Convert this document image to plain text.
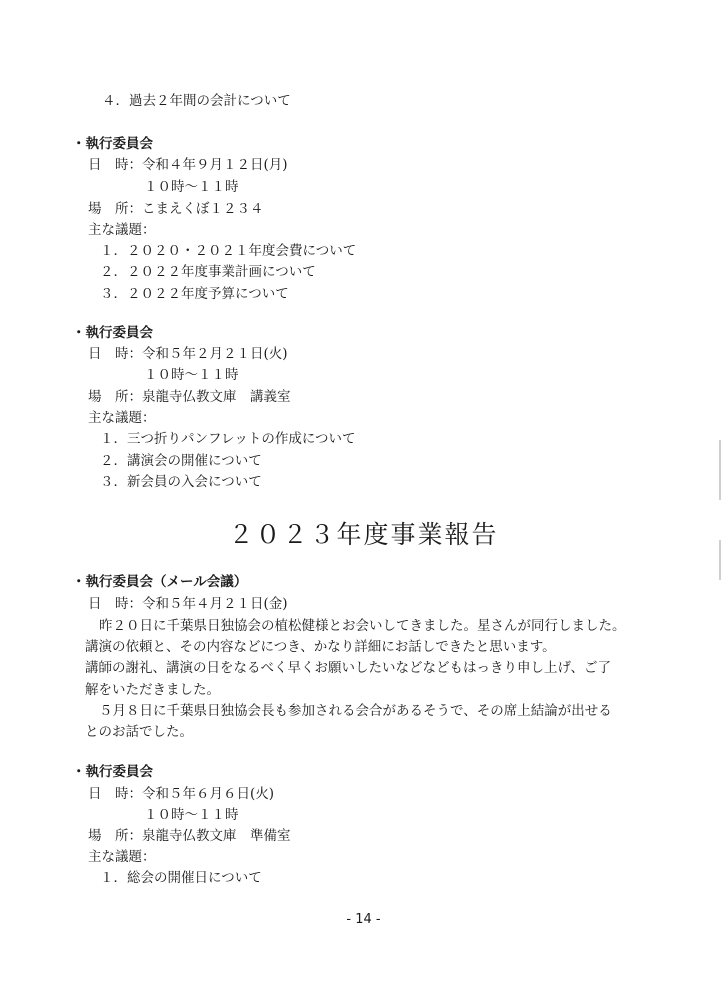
４．過去２年間の会計について
・執行委員会
日　時：令和４年９月１２日(月)
１０時～１１時
場　所：こまえくぼ１２３４
主な議題：
１．２０２０・２０２１年度会費について
２．２０２２年度事業計画について
３．２０２２年度予算について
・執行委員会
日　時：令和５年２月２１日(火)
１０時～１１時
場　所：泉龍寺仏教文庫　講義室
主な議題：
１．三つ折りパンフレットの作成について
２．講演会の開催について
３．新会員の入会について
２０２３年度事業報告
・執行委員会（メール会議）
日　時：令和５年４月２１日(金)
昨２０日に千葉県日独協会の植松健様とお会いしてきました。星さんが同行しました。
講演の依頼と、その内容などにつき、かなり詳細にお話しできたと思います。
講師の謝礼、講演の日をなるべく早くお願いしたいなどなどもはっきり申し上げ、ご了
解をいただきました。
５月８日に千葉県日独協会長も参加される会合があるそうで、その席上結論が出せる
とのお話でした。
・執行委員会
日　時：令和５年６月６日(火)
１０時～１１時
場　所：泉龍寺仏教文庫　準備室
主な議題：
１．総会の開催日について
- 14 -
